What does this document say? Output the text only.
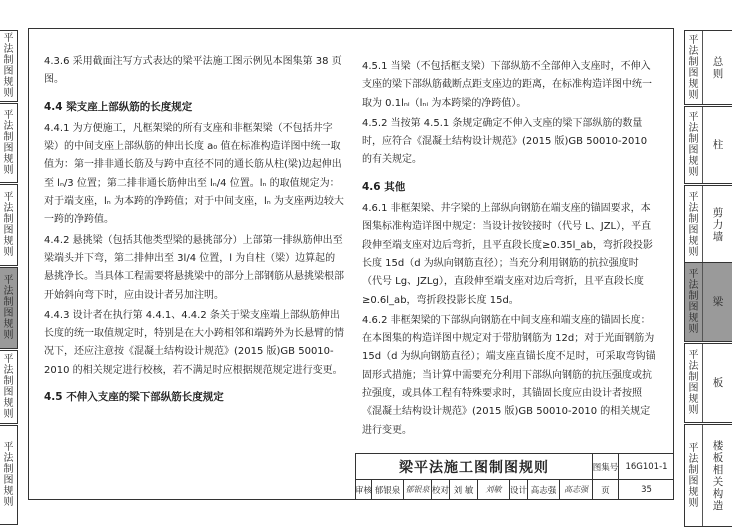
平法制图规则
平法制图规则
平法制图规则
平法制图规则
平法制图规则
平法制图规则

4.3.6 采用截面注写方式表达的梁平法施工图示例见本图集第 38 页图。

4.4 梁支座上部纵筋的长度规定

4.4.1 为方便施工，凡框架梁的所有支座和非框架梁（不包括井字梁）的中间支座上部纵筋的伸出长度 a₀ 值在标准构造详图中统一取值为：第一排非通长筋及与跨中直径不同的通长筋从柱(梁)边起伸出至 lₙ/3 位置；第二排非通长筋伸出至 lₙ/4 位置。lₙ 的取值规定为：对于端支座，lₙ 为本跨的净跨值；对于中间支座，lₙ 为支座两边较大一跨的净跨值。

4.4.2 悬挑梁（包括其他类型梁的悬挑部分）上部第一排纵筋伸出至梁端头并下弯，第二排伸出至 3l/4 位置，l 为自柱（梁）边算起的悬挑净长。当具体工程需要将悬挑梁中的部分上部钢筋从悬挑梁根部开始斜向弯下时，应由设计者另加注明。

4.4.3 设计者在执行第 4.4.1、4.4.2 条关于梁支座端上部纵筋伸出长度的统一取值规定时，特别是在大小跨相邻和端跨外为长悬臂的情况下，还应注意按《混凝土结构设计规范》(2015 版)GB 50010-2010 的相关规定进行校核，若不满足时应根据规范规定进行变更。

4.5 不伸入支座的梁下部纵筋长度规定

4.5.1 当梁（不包括框支梁）下部纵筋不全部伸入支座时，不伸入支座的梁下部纵筋截断点距支座边的距离，在标准构造详图中统一取为 0.1lₙᵢ（lₙᵢ 为本跨梁的净跨值）。

4.5.2 当按第 4.5.1 条规定确定不伸入支座的梁下部纵筋的数量时，应符合《混凝土结构设计规范》(2015 版)GB 50010-2010 的有关规定。

4.6 其他

4.6.1 非框架梁、井字梁的上部纵向钢筋在端支座的锚固要求，本图集标准构造详图中规定：当设计按铰接时（代号 L、JZL），平直段伸至端支座对边后弯折，且平直段长度≥0.35l_ab，弯折段投影长度 15d（d 为纵向钢筋直径）；当充分利用钢筋的抗拉强度时（代号 Lg、JZLg），直段伸至端支座对边后弯折，且平直段长度≥0.6l_ab，弯折段投影长度 15d。

4.6.2 非框架梁的下部纵向钢筋在中间支座和端支座的锚固长度：在本图集的构造详图中规定对于带肋钢筋为 12d；对于光面钢筋为 15d（d 为纵向钢筋直径）；端支座直锚长度不足时，可采取弯钩锚固形式措施；当计算中需要充分利用下部纵向钢筋的抗压强度或抗拉强度，或具体工程有特殊要求时，其锚固长度应由设计者按照《混凝土结构设计规范》(2015 版)GB 50010-2010 的相关规定进行变更。

梁平法施工图制图规则	图集号 16G101-1
审核 郁银泉 郁银泉 校对 刘 敏	刘敏	设计 高志强 高志强	页	35
平法制图规则
总则
平法制图规则
柱
平法制图规则
剪力墙
平法制图规则
梁
平法制图规则
板
平法制图规则
楼板相关构造
